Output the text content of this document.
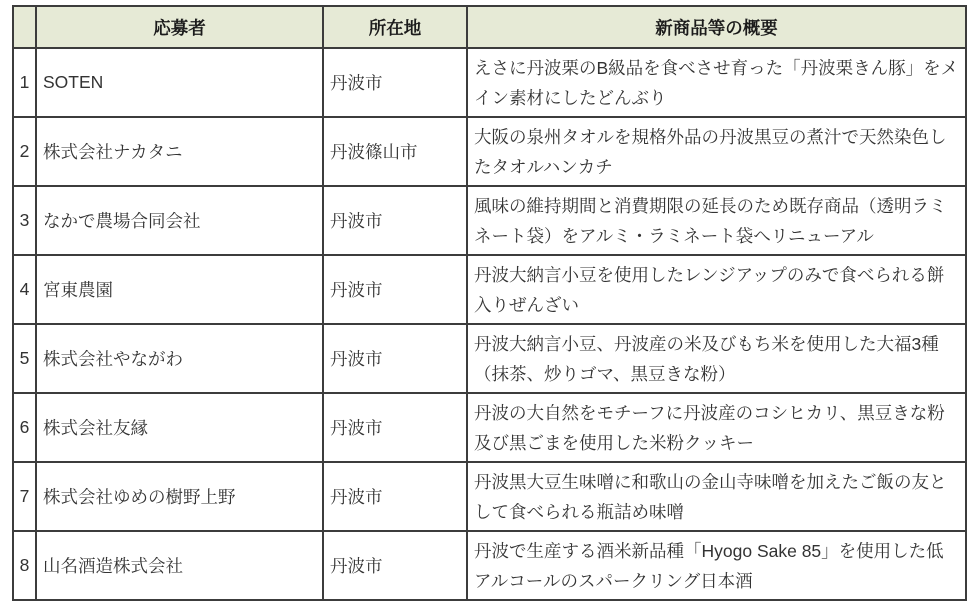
	応募者	所在地	新商品等の概要
1	SOTEN	丹波市	えさに丹波栗のB級品を食べさせ育った「丹波栗きん豚」をメイン素材にしたどんぶり
2	株式会社ナカタニ	丹波篠山市	大阪の泉州タオルを規格外品の丹波黒豆の煮汁で天然染色したタオルハンカチ
3	なかで農場合同会社	丹波市	風味の維持期間と消費期限の延長のため既存商品（透明ラミネート袋）をアルミ・ラミネート袋へリニューアル
4	宮東農園	丹波市	丹波大納言小豆を使用したレンジアップのみで食べられる餅入りぜんざい
5	株式会社やながわ	丹波市	丹波大納言小豆、丹波産の米及びもち米を使用した大福3種（抹茶、炒りゴマ、黒豆きな粉）
6	株式会社友縁	丹波市	丹波の大自然をモチーフに丹波産のコシヒカリ、黒豆きな粉及び黒ごまを使用した米粉クッキー
7	株式会社ゆめの樹野上野	丹波市	丹波黒大豆生味噌に和歌山の金山寺味噌を加えたご飯の友として食べられる瓶詰め味噌
8	山名酒造株式会社	丹波市	丹波で生産する酒米新品種「Hyogo Sake 85」を使用した低アルコールのスパークリング日本酒
